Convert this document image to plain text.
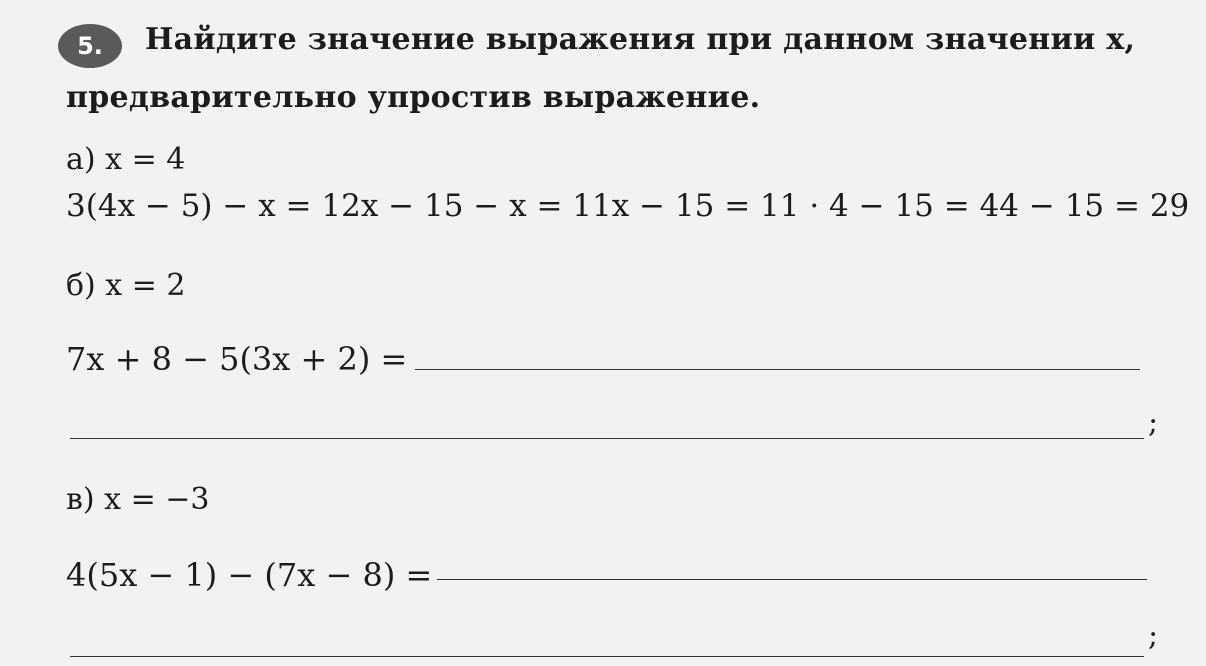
5.	Найдите значение выражения при данном значении x,
предварительно упростив выражение.
а) x = 4
3(4x − 5) − x = 12x − 15 − x = 11x − 15 = 11 · 4 − 15 = 44 − 15 = 29
б) x = 2
7x + 8 − 5(3x + 2) =
;
в) x = −3
4(5x − 1) − (7x − 8) =
;
